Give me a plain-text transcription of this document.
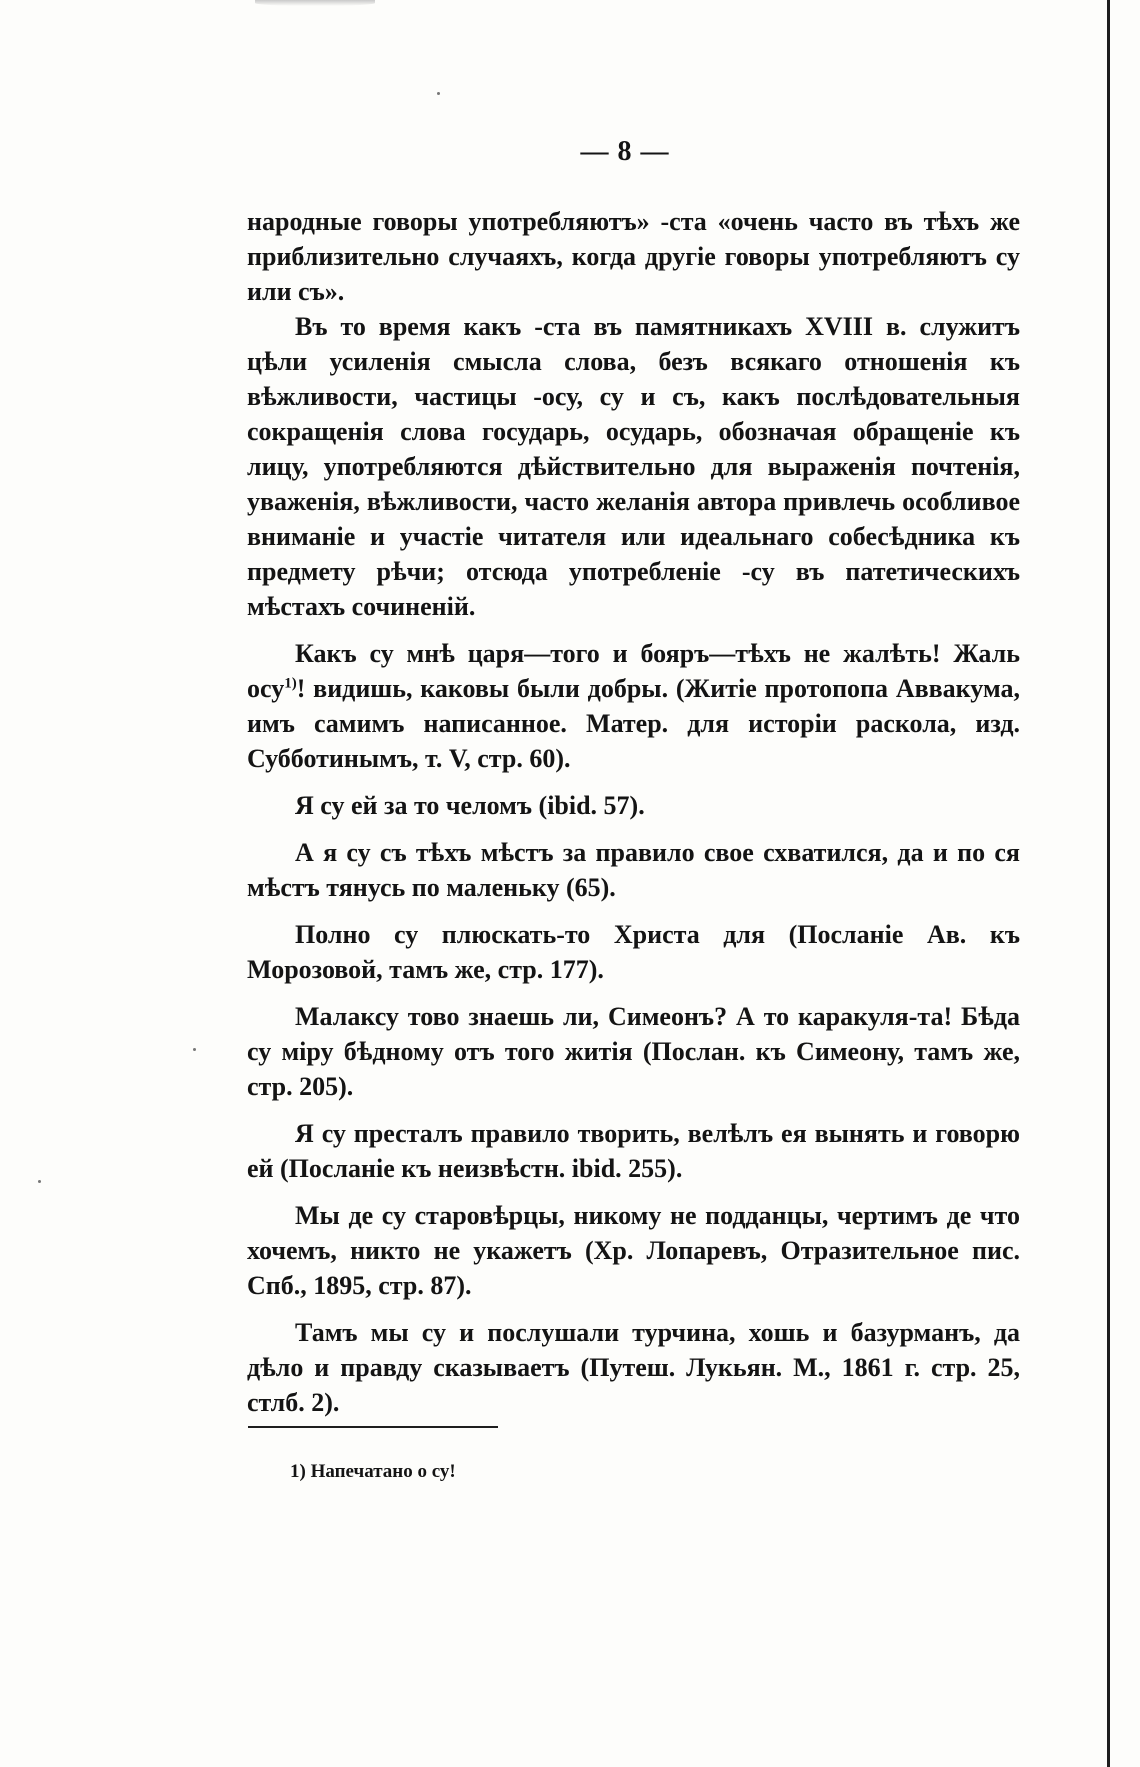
— 8 —

народные говоры употребляютъ» -ста «очень часто въ тѣхъ же приблизительно случаяхъ, когда другіе говоры употребляютъ су или съ».

Въ то время какъ -ста въ памятникахъ XVIII в. служитъ цѣли усиленія смысла слова, безъ всякаго отношенія къ вѣжливости, частицы -осу, су и съ, какъ послѣдовательныя сокращенія слова государь, осударь, обозначая обращеніе къ лицу, употребляются дѣйствительно для выраженія почтенія, уваженія, вѣжливости, часто желанія автора привлечь особливое вниманіе и участіе читателя или идеальнаго собесѣдника къ предмету рѣчи; отсюда употребленіе -су въ патетическихъ мѣстахъ сочиненій.

Какъ су мнѣ царя—того и бояръ—тѣхъ не жалѣть! Жаль осу$^{1)}$! видишь, каковы были добры. (Житіе протопопа Аввакума, имъ самимъ написанное. Матер. для исторіи раскола, изд. Субботинымъ, т. V, стр. 60).

Я су ей за то челомъ (ibid. 57).

А я су съ тѣхъ мѣстъ за правило свое схватился, да и по ся мѣстъ тянусь по маленьку (65).

Полно су плюскать-то Христа для (Посланіе Ав. къ Морозовой, тамъ же, стр. 177).

Малаксу тово знаешь ли, Симеонъ? А то каракуля-та! Бѣда су міру бѣдному отъ того житія (Послан. къ Симеону, тамъ же, стр. 205).

Я су престалъ правило творить, велѣлъ ея вынять и говорю ей (Посланіе къ неизвѣстн. ibid. 255).

Мы де су старовѣрцы, никому не подданцы, чертимъ де что хочемъ, никто не укажетъ (Хр. Лопаревъ, Отразительное пис. Спб., 1895, стр. 87).

Тамъ мы су и послушали турчина, хошь и базурманъ, да дѣло и правду сказываетъ (Путеш. Лукьян. М., 1861 г. стр. 25, стлб. 2).

1) Напечатано о су!
